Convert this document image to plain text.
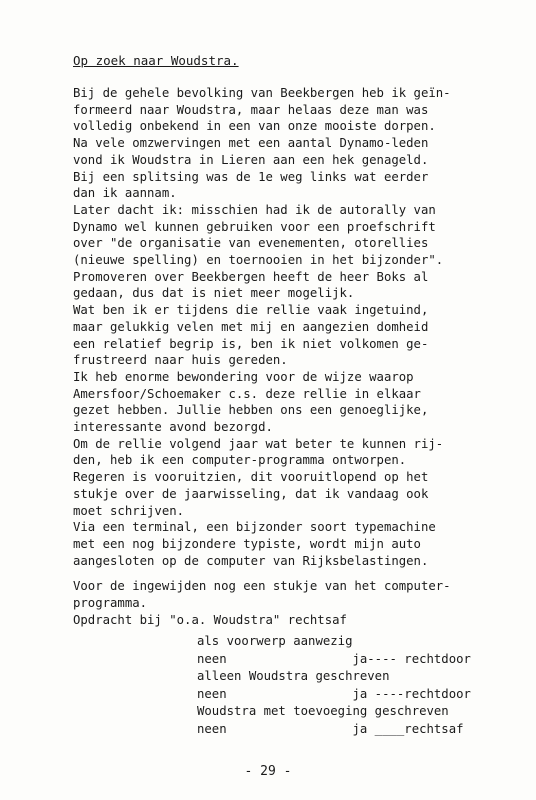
Op zoek naar Woudstra.
Bij de gehele bevolking van Beekbergen heb ik geïn-
formeerd naar Woudstra, maar helaas deze man was
volledig onbekend in een van onze mooiste dorpen.
Na vele omzwervingen met een aantal Dynamo-leden
vond ik Woudstra in Lieren aan een hek genageld.
Bij een splitsing was de 1e weg links wat eerder
dan ik aannam.
Later dacht ik: misschien had ik de autorally van
Dynamo wel kunnen gebruiken voor een proefschrift
over "de organisatie van evenementen, otorellies
(nieuwe spelling) en toernooien in het bijzonder".
Promoveren over Beekbergen heeft de heer Boks al
gedaan, dus dat is niet meer mogelijk.
Wat ben ik er tijdens die rellie vaak ingetuind,
maar gelukkig velen met mij en aangezien domheid
een relatief begrip is, ben ik niet volkomen ge-
frustreerd naar huis gereden.
Ik heb enorme bewondering voor de wijze waarop
Amersfoor/Schoemaker c.s. deze rellie in elkaar
gezet hebben. Jullie hebben ons een genoeglijke,
interessante avond bezorgd.
Om de rellie volgend jaar wat beter te kunnen rij-
den, heb ik een computer-programma ontworpen.
Regeren is vooruitzien, dit vooruitlopend op het
stukje over de jaarwisseling, dat ik vandaag ook
moet schrijven.
Via een terminal, een bijzonder soort typemachine
met een nog bijzondere typiste, wordt mijn auto
aangesloten op de computer van Rijksbelastingen.
Voor de ingewijden nog een stukje van het computer-
programma.
Opdracht bij "o.a. Woudstra" rechtsaf
als voorwerp aanwezig
neen                 ja---- rechtdoor
alleen Woudstra geschreven
neen                 ja ----rechtdoor
Woudstra met toevoeging geschreven
neen                 ja ____rechtsaf
- 29 -
